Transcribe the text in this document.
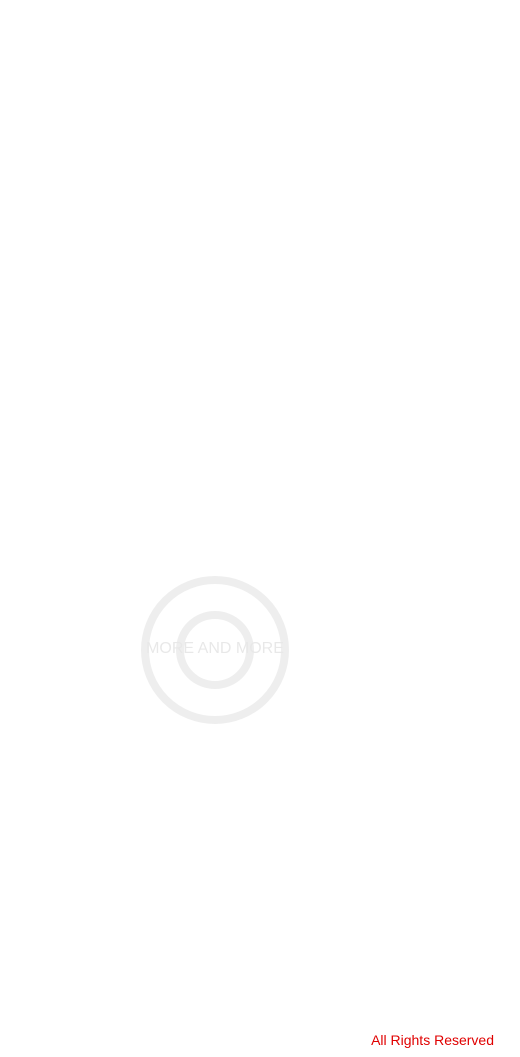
MORE AND MORE
All Rights Reserved
